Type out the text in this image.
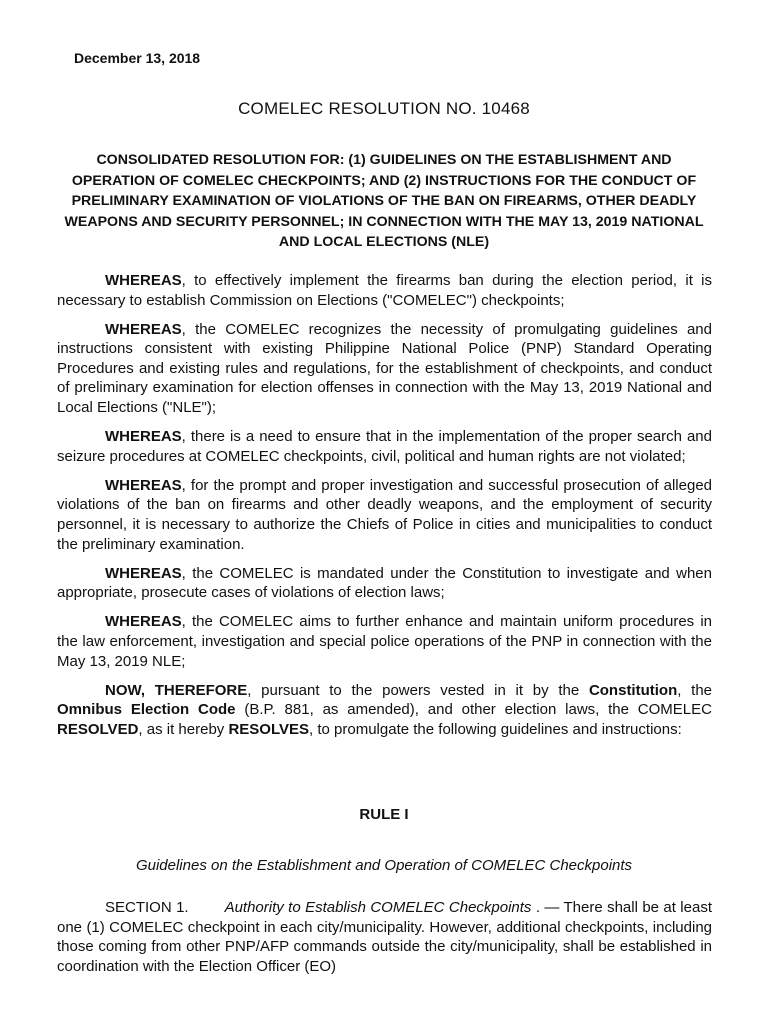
December 13, 2018
COMELEC RESOLUTION NO. 10468
CONSOLIDATED RESOLUTION FOR: (1) GUIDELINES ON THE ESTABLISHMENT AND OPERATION OF COMELEC CHECKPOINTS; AND (2) INSTRUCTIONS FOR THE CONDUCT OF PRELIMINARY EXAMINATION OF VIOLATIONS OF THE BAN ON FIREARMS, OTHER DEADLY WEAPONS AND SECURITY PERSONNEL; IN CONNECTION WITH THE MAY 13, 2019 NATIONAL AND LOCAL ELECTIONS (NLE)

WHEREAS, to effectively implement the firearms ban during the election period, it is necessary to establish Commission on Elections ("COMELEC") checkpoints;

WHEREAS, the COMELEC recognizes the necessity of promulgating guidelines and instructions consistent with existing Philippine National Police (PNP) Standard Operating Procedures and existing rules and regulations, for the establishment of checkpoints, and conduct of preliminary examination for election offenses in connection with the May 13, 2019 National and Local Elections ("NLE");

WHEREAS, there is a need to ensure that in the implementation of the proper search and seizure procedures at COMELEC checkpoints, civil, political and human rights are not violated;

WHEREAS, for the prompt and proper investigation and successful prosecution of alleged violations of the ban on firearms and other deadly weapons, and the employment of security personnel, it is necessary to authorize the Chiefs of Police in cities and municipalities to conduct the preliminary examination.

WHEREAS, the COMELEC is mandated under the Constitution to investigate and when appropriate, prosecute cases of violations of election laws;

WHEREAS, the COMELEC aims to further enhance and maintain uniform procedures in the law enforcement, investigation and special police operations of the PNP in connection with the May 13, 2019 NLE;

NOW, THEREFORE, pursuant to the powers vested in it by the Constitution, the Omnibus Election Code (B.P. 881, as amended), and other election laws, the COMELEC RESOLVED, as it hereby RESOLVES, to promulgate the following guidelines and instructions:

RULE I
Guidelines on the Establishment and Operation of COMELEC Checkpoints

SECTION 1. Authority to Establish COMELEC Checkpoints . — There shall be at least one (1) COMELEC checkpoint in each city/municipality. However, additional checkpoints, including those coming from other PNP/AFP commands outside the city/municipality, shall be established in coordination with the Election Officer (EO)
